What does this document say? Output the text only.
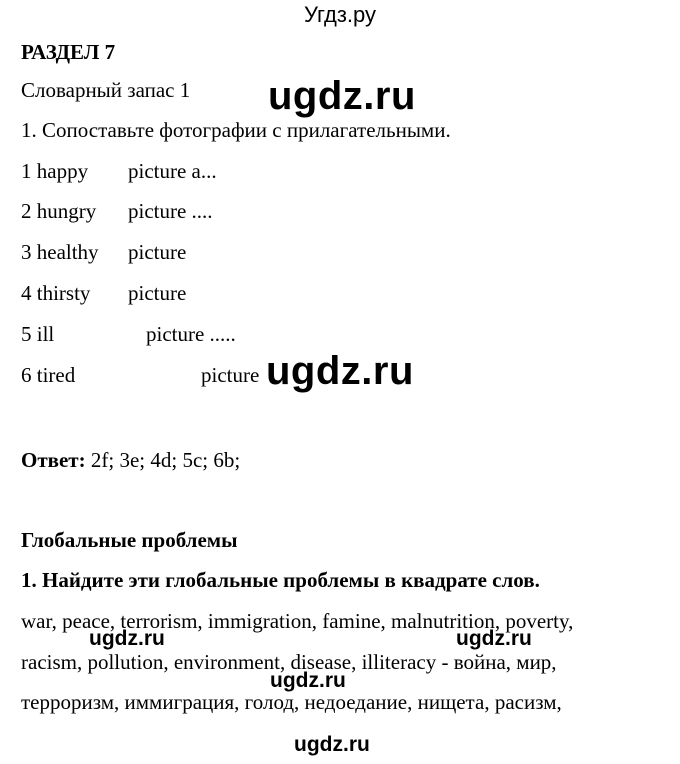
Угдз.ру
РАЗДЕЛ 7
Словарный запас 1
1. Сопоставьте фотографии с прилагательными.
1 happy picture a...
2 hungry picture ....
3 healthy picture
4 thirsty picture
5 ill	picture .....
6 tired	picture
Ответ: 2f; 3e; 4d; 5c; 6b;
Глобальные проблемы
1. Найдите эти глобальные проблемы в квадрате слов.
war, peace, terrorism, immigration, famine, malnutrition, poverty,
racism, pollution, environment, disease, illiteracy - война, мир,
терроризм, иммиграция, голод, недоедание, нищета, расизм,
ugdz.ru
ugdz.ru
ugdz.ru	ugdz.ru
ugdz.ru
ugdz.ru
